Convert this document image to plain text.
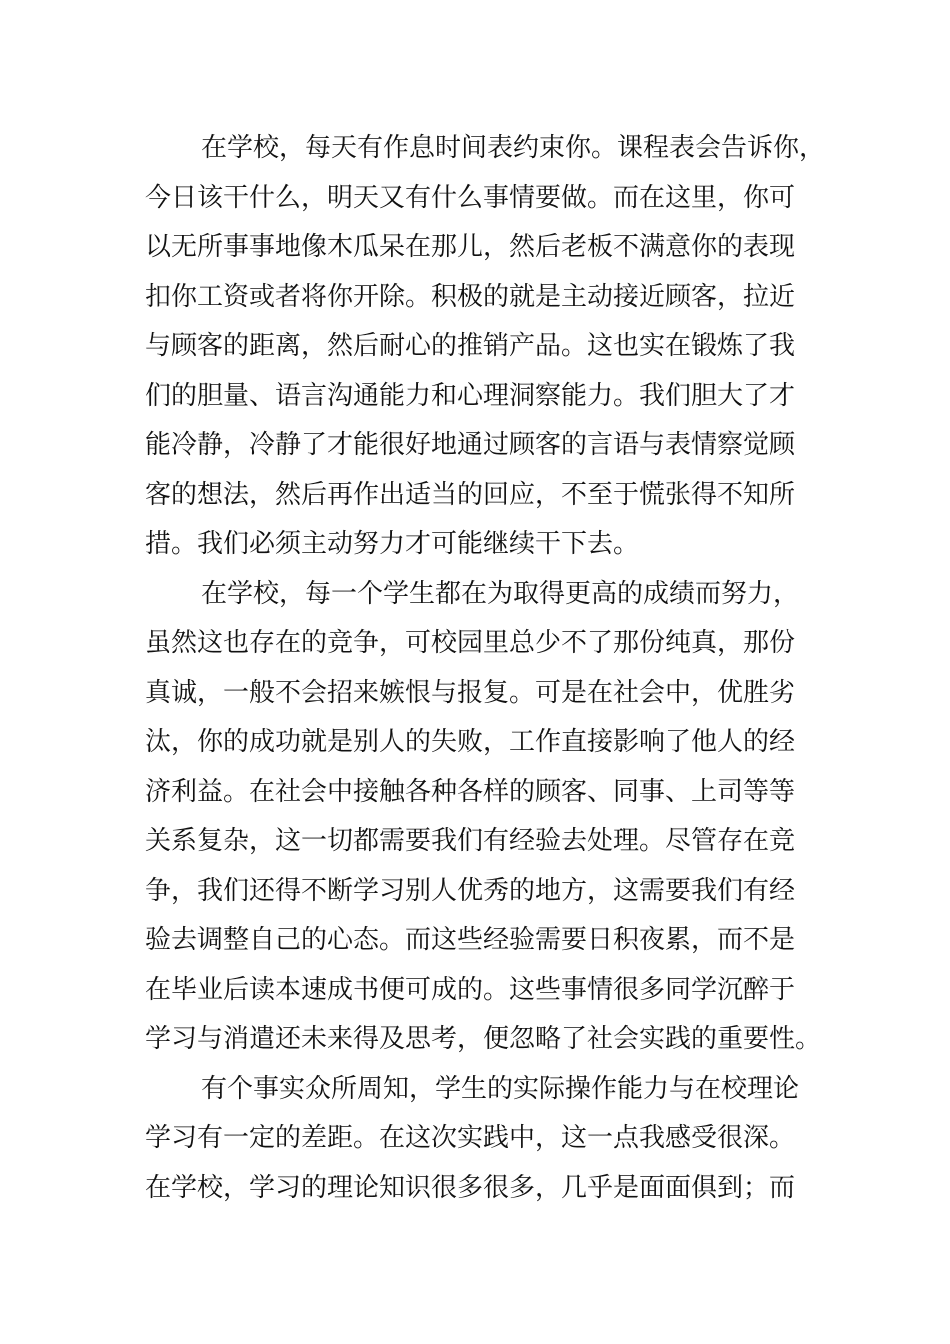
在学校，每天有作息时间表约束你。课程表会告诉你，
今日该干什么，明天又有什么事情要做。而在这里，你可
以无所事事地像木瓜呆在那儿，然后老板不满意你的表现
扣你工资或者将你开除。积极的就是主动接近顾客，拉近
与顾客的距离，然后耐心的推销产品。这也实在锻炼了我
们的胆量、语言沟通能力和心理洞察能力。我们胆大了才
能冷静，冷静了才能很好地通过顾客的言语与表情察觉顾
客的想法，然后再作出适当的回应，不至于慌张得不知所
措。我们必须主动努力才可能继续干下去。
在学校，每一个学生都在为取得更高的成绩而努力，
虽然这也存在的竞争，可校园里总少不了那份纯真，那份
真诚，一般不会招来嫉恨与报复。可是在社会中，优胜劣
汰，你的成功就是别人的失败，工作直接影响了他人的经
济利益。在社会中接触各种各样的顾客、同事、上司等等
关系复杂，这一切都需要我们有经验去处理。尽管存在竞
争，我们还得不断学习别人优秀的地方，这需要我们有经
验去调整自己的心态。而这些经验需要日积夜累，而不是
在毕业后读本速成书便可成的。这些事情很多同学沉醉于
学习与消遣还未来得及思考，便忽略了社会实践的重要性。
有个事实众所周知，学生的实际操作能力与在校理论
学习有一定的差距。在这次实践中，这一点我感受很深。
在学校，学习的理论知识很多很多，几乎是面面俱到；而
